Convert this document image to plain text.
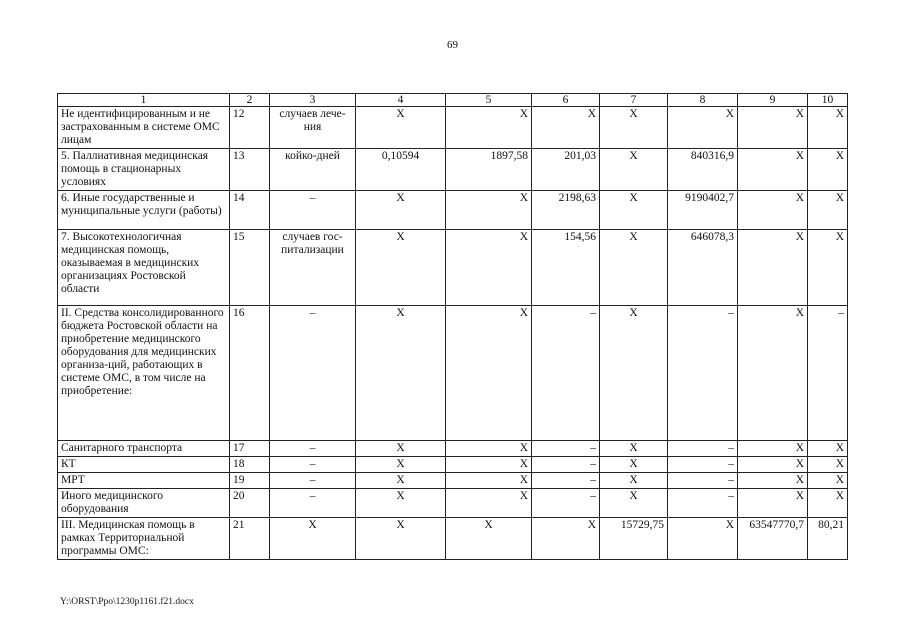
69
1	2	3	4	5	6	7	8	9	10
Не идентифицированным и не застрахованным в системе ОМС лицам	12	случаев лече-ния	Х	Х	Х	Х	Х	Х	Х
5. Паллиативная медицинская помощь в стационарных условиях	13	койко-дней	0,10594	1897,58	201,03	Х	840316,9	Х	Х
6. Иные государственные и муниципальные услуги (работы)	14	–	Х	Х	2198,63	Х	9190402,7	Х	Х
7. Высокотехнологичная медицинская помощь, оказываемая в медицинских организациях Ростовской области	15	случаев гос-питализации	Х	Х	154,56	Х	646078,3	Х	Х
II. Средства консолидированного бюджета Ростовской области на приобретение медицинского оборудования для медицинских организа-ций, работающих в системе ОМС, в том числе на приобретение:	16	–	Х	Х	–	Х	–	Х	–
Санитарного транспорта	17	–	Х	Х	–	Х	–	Х	Х
КТ	18	–	Х	Х	–	Х	–	Х	Х
МРТ	19	–	Х	Х	–	Х	–	Х	Х
Иного медицинского оборудования	20	–	Х	Х	–	Х	–	Х	Х
III. Медицинская помощь в рамках Территориальной программы ОМС:	21	Х	Х	Х	Х	15729,75	Х	63547770,7	80,21
Y:\ORST\Ppo\1230p1161.f21.docx
